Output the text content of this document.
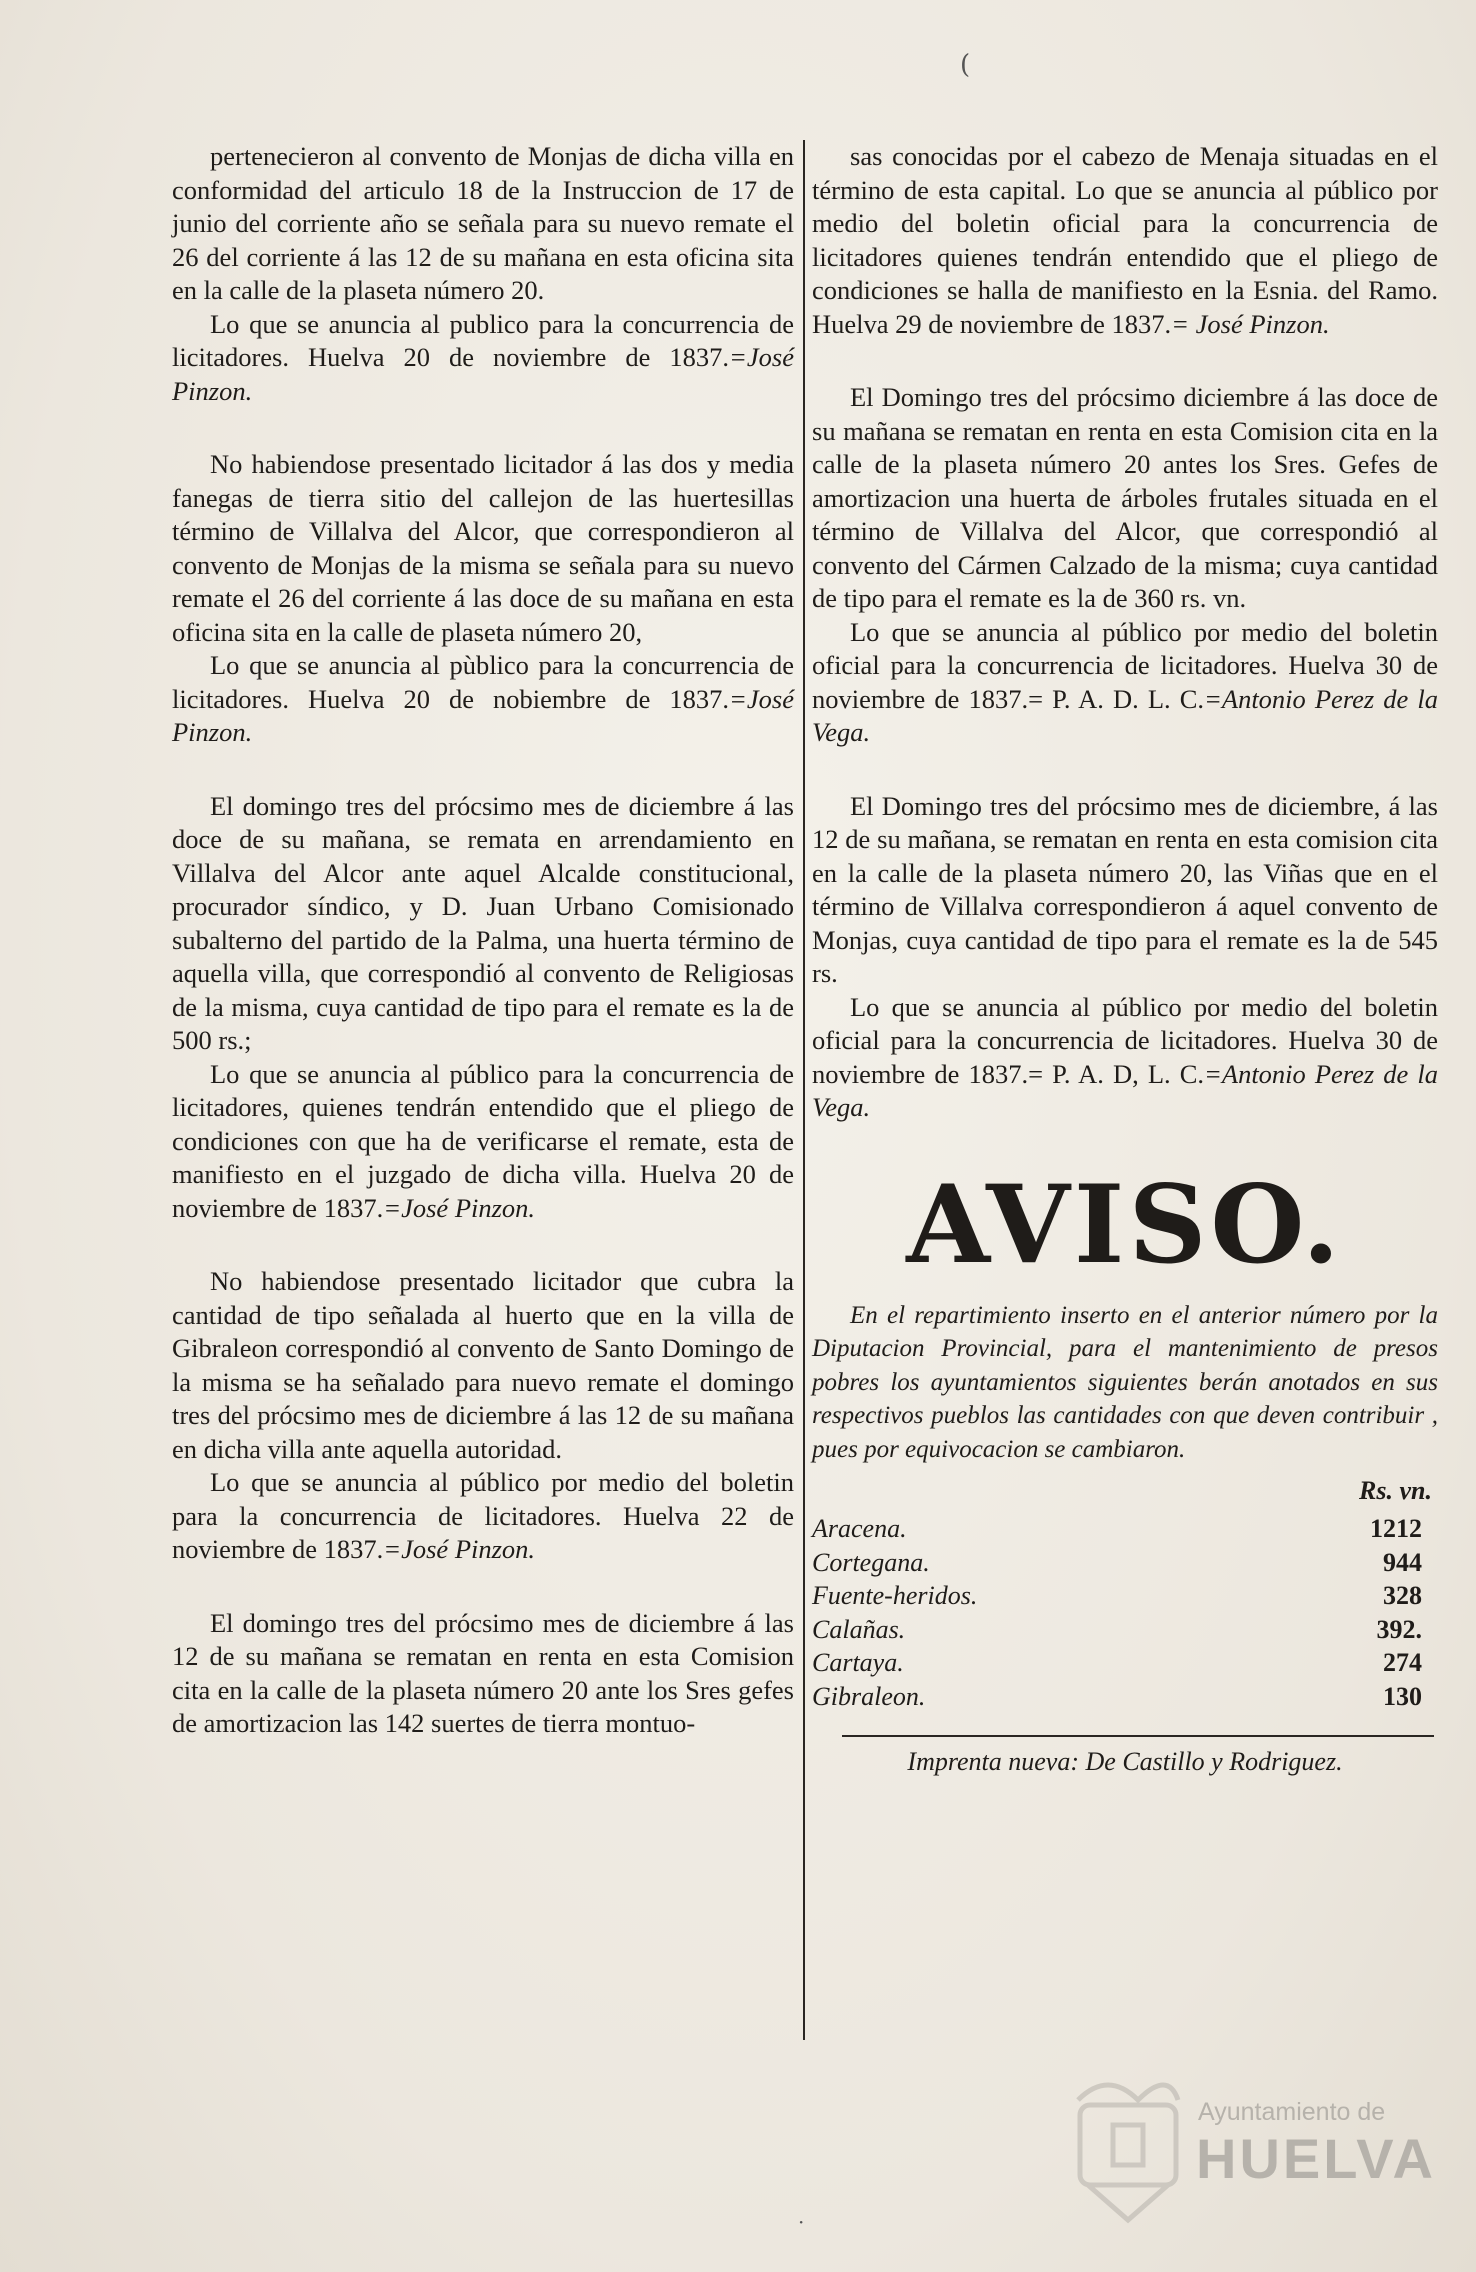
(

pertenecieron al convento de Monjas de dicha villa en conformidad del articulo 18 de la Instruccion de 17 de junio del corriente año se señala para su nuevo remate el 26 del corriente á las 12 de su mañana en esta oficina sita en la calle de la plaseta número 20.

Lo que se anuncia al publico para la concurrencia de licitadores. Huelva 20 de noviembre de 1837.=José Pinzon.

No habiendose presentado licitador á las dos y media fanegas de tierra sitio del callejon de las huertesillas término de Villalva del Alcor, que correspondieron al convento de Monjas de la misma se señala para su nuevo remate el 26 del corriente á las doce de su mañana en esta oficina sita en la calle de plaseta número 20,

Lo que se anuncia al pùblico para la concurrencia de licitadores. Huelva 20 de nobiembre de 1837.=José Pinzon.

El domingo tres del prócsimo mes de diciembre á las doce de su mañana, se remata en arrendamiento en Villalva del Alcor ante aquel Alcalde constitucional, procurador síndico, y D. Juan Urbano Comisionado subalterno del partido de la Palma, una huerta término de aquella villa, que correspondió al convento de Religiosas de la misma, cuya cantidad de tipo para el remate es la de 500 rs.;

Lo que se anuncia al público para la concurrencia de licitadores, quienes tendrán entendido que el pliego de condiciones con que ha de verificarse el remate, esta de manifiesto en el juzgado de dicha villa. Huelva 20 de noviembre de 1837.=José Pinzon.

No habiendose presentado licitador que cubra la cantidad de tipo señalada al huerto que en la villa de Gibraleon correspondió al convento de Santo Domingo de la misma se ha señalado para nuevo remate el domingo tres del prócsimo mes de diciembre á las 12 de su mañana en dicha villa ante aquella autoridad.

Lo que se anuncia al público por medio del boletin para la concurrencia de licitadores. Huelva 22 de noviembre de 1837.=José Pinzon.

El domingo tres del prócsimo mes de diciembre á las 12 de su mañana se rematan en renta en esta Comision cita en la calle de la plaseta número 20 ante los Sres gefes de amortizacion las 142 suertes de tierra montuo-

sas conocidas por el cabezo de Menaja situadas en el término de esta capital. Lo que se anuncia al público por medio del boletin oficial para la concurrencia de licitadores quienes tendrán entendido que el pliego de condiciones se halla de manifiesto en la Esnia. del Ramo. Huelva 29 de noviembre de 1837.= José Pinzon.

El Domingo tres del prócsimo diciembre á las doce de su mañana se rematan en renta en esta Comision cita en la calle de la plaseta número 20 antes los Sres. Gefes de amortizacion una huerta de árboles frutales situada en el término de Villalva del Alcor, que correspondió al convento del Cármen Calzado de la misma; cuya cantidad de tipo para el remate es la de 360 rs. vn.

Lo que se anuncia al público por medio del boletin oficial para la concurrencia de licitadores. Huelva 30 de noviembre de 1837.= P. A. D. L. C.=Antonio Perez de la Vega.

El Domingo tres del prócsimo mes de diciembre, á las 12 de su mañana, se rematan en renta en esta comision cita en la calle de la plaseta número 20, las Viñas que en el término de Villalva correspondieron á aquel convento de Monjas, cuya cantidad de tipo para el remate es la de 545 rs.

Lo que se anuncia al público por medio del boletin oficial para la concurrencia de licitadores. Huelva 30 de noviembre de 1837.= P. A. D, L. C.=Antonio Perez de la Vega.

AVISO.

En el repartimiento inserto en el anterior número por la Diputacion Provincial, para el mantenimiento de presos pobres los ayuntamientos siguientes berán anotados en sus respectivos pueblos las cantidades con que deven contribuir , pues por equivocacion se cambiaron.

Rs. vn.
Aracena.	1212
Cortegana.	944
Fuente-heridos.	328
Calañas.	392.
Cartaya.	274
Gibraleon.	130

Imprenta nueva: De Castillo y Rodriguez.

·
Ayuntamiento de
HUELVA
